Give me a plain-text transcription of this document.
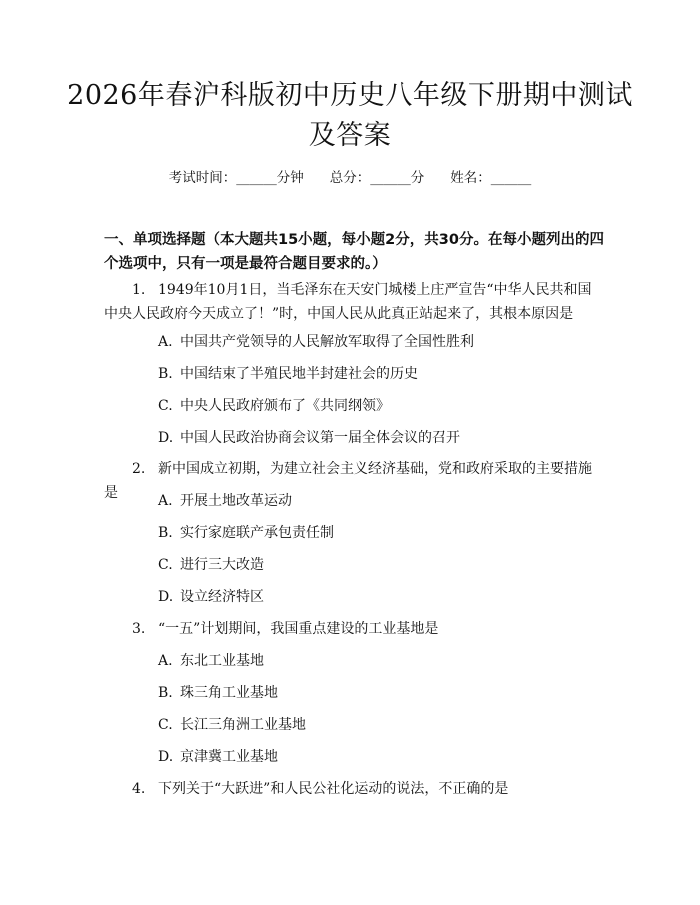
2026年春沪科版初中历史八年级下册期中测试及答案
考试时间：______分钟 总分：______分 姓名：______
一、单项选择题（本大题共15小题，每小题2分，共30分。在每小题列出的四个选项中，只有一项是最符合题目要求的。）
1. 1949年10月1日，当毛泽东在天安门城楼上庄严宣告“中华人民共和国中央人民政府今天成立了！”时，中国人民从此真正站起来了，其根本原因是
A. 中国共产党领导的人民解放军取得了全国性胜利
B. 中国结束了半殖民地半封建社会的历史
C. 中央人民政府颁布了《共同纲领》
D. 中国人民政治协商会议第一届全体会议的召开
2. 新中国成立初期，为建立社会主义经济基础，党和政府采取的主要措施是	A. 开展土地改革运动
B. 实行家庭联产承包责任制
C. 进行三大改造
D. 设立经济特区
3. “一五”计划期间，我国重点建设的工业基地是
A. 东北工业基地
B. 珠三角工业基地
C. 长江三角洲工业基地
D. 京津冀工业基地
4. 下列关于“大跃进”和人民公社化运动的说法，不正确的是
